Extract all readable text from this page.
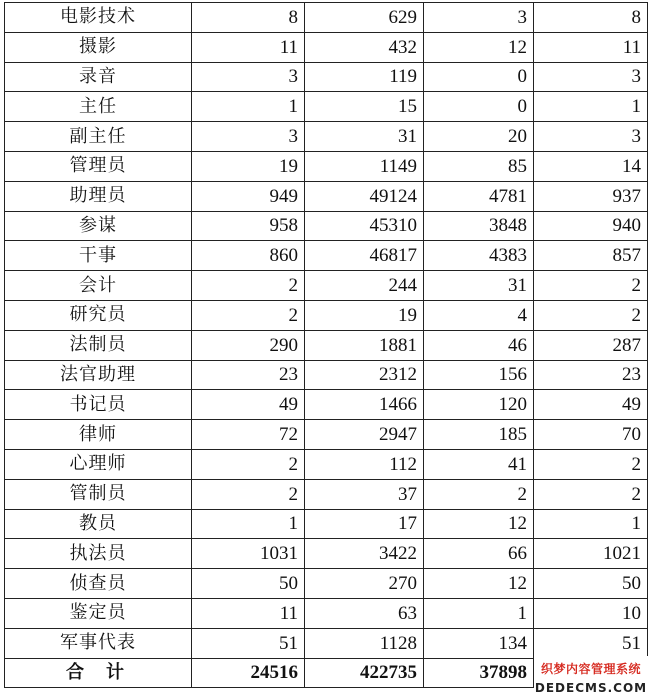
电影技术	8	629	3	8
摄影	11	432	12	11
录音	3	119	0	3
主任	1	15	0	1
副主任	3	31	20	3
管理员	19	1149	85	14
助理员	949	49124	4781	937
参谋	958	45310	3848	940
干事	860	46817	4383	857
会计	2	244	31	2
研究员	2	19	4	2
法制员	290	1881	46	287
法官助理	23	2312	156	23
书记员	49	1466	120	49
律师	72	2947	185	70
心理师	2	112	41	2
管制员	2	37	2	2
教员	1	17	12	1
执法员	1031	3422	66	1021
侦查员	50	270	12	50
鉴定员	11	63	1	10
军事代表	51	1128	134	51
合计	24516	422735	37898		织梦内容管理系统
DEDECMS.COM
